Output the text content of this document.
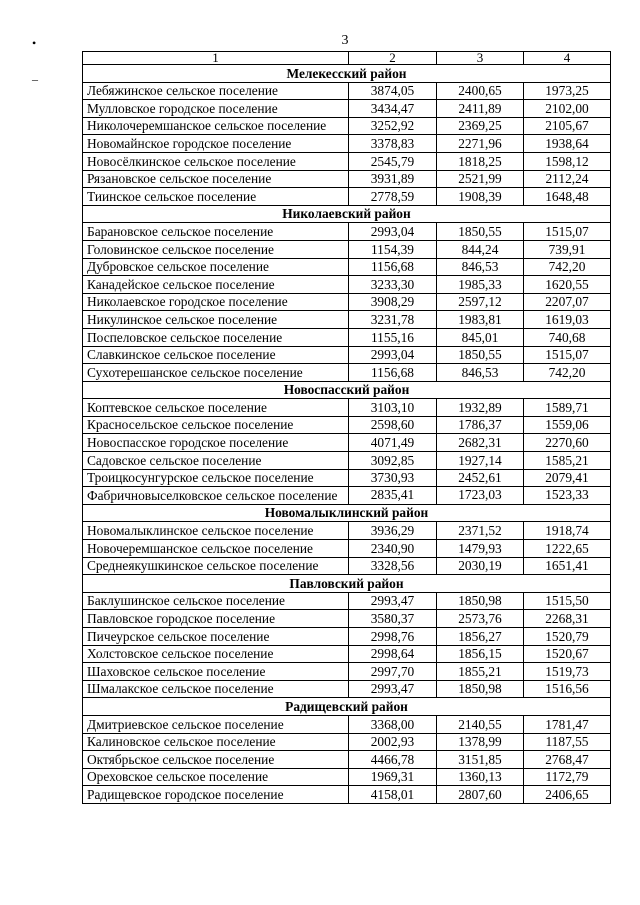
3
•
–
1	2	3	4
Мелекесский район			
Лебяжинское сельское поселение	3874,05	2400,65	1973,25
Мулловское городское поселение	3434,47	2411,89	2102,00
Николочеремшанское сельское поселение	3252,92	2369,25	2105,67
Новомайнское городское поселение	3378,83	2271,96	1938,64
Новосёлкинское сельское поселение	2545,79	1818,25	1598,12
Рязановское сельское поселение	3931,89	2521,99	2112,24
Тиинское сельское поселение	2778,59	1908,39	1648,48
Николаевский район			
Барановское сельское поселение	2993,04	1850,55	1515,07
Головинское сельское поселение	1154,39	844,24	739,91
Дубровское сельское поселение	1156,68	846,53	742,20
Канадейское сельское поселение	3233,30	1985,33	1620,55
Николаевское городское поселение	3908,29	2597,12	2207,07
Никулинское сельское поселение	3231,78	1983,81	1619,03
Поспеловское сельское поселение	1155,16	845,01	740,68
Славкинское сельское поселение	2993,04	1850,55	1515,07
Сухотерешанское сельское поселение	1156,68	846,53	742,20
Новоспасский район			
Коптевское сельское поселение	3103,10	1932,89	1589,71
Красносельское сельское поселение	2598,60	1786,37	1559,06
Новоспасское городское поселение	4071,49	2682,31	2270,60
Садовское сельское поселение	3092,85	1927,14	1585,21
Троицкосунгурское сельское поселение	3730,93	2452,61	2079,41
Фабричновыселковское сельское поселение	2835,41	1723,03	1523,33
Новомалыклинский район			
Новомалыклинское сельское поселение	3936,29	2371,52	1918,74
Новочеремшанское сельское поселение	2340,90	1479,93	1222,65
Среднеякушкинское сельское поселение	3328,56	2030,19	1651,41
Павловский район			
Баклушинское сельское поселение	2993,47	1850,98	1515,50
Павловское городское поселение	3580,37	2573,76	2268,31
Пичеурское сельское поселение	2998,76	1856,27	1520,79
Холстовское сельское поселение	2998,64	1856,15	1520,67
Шаховское сельское поселение	2997,70	1855,21	1519,73
Шмалакское сельское поселение	2993,47	1850,98	1516,56
Радищевский район			
Дмитриевское сельское поселение	3368,00	2140,55	1781,47
Калиновское сельское поселение	2002,93	1378,99	1187,55
Октябрьское сельское поселение	4466,78	3151,85	2768,47
Ореховское сельское поселение	1969,31	1360,13	1172,79
Радищевское городское поселение	4158,01	2807,60	2406,65
